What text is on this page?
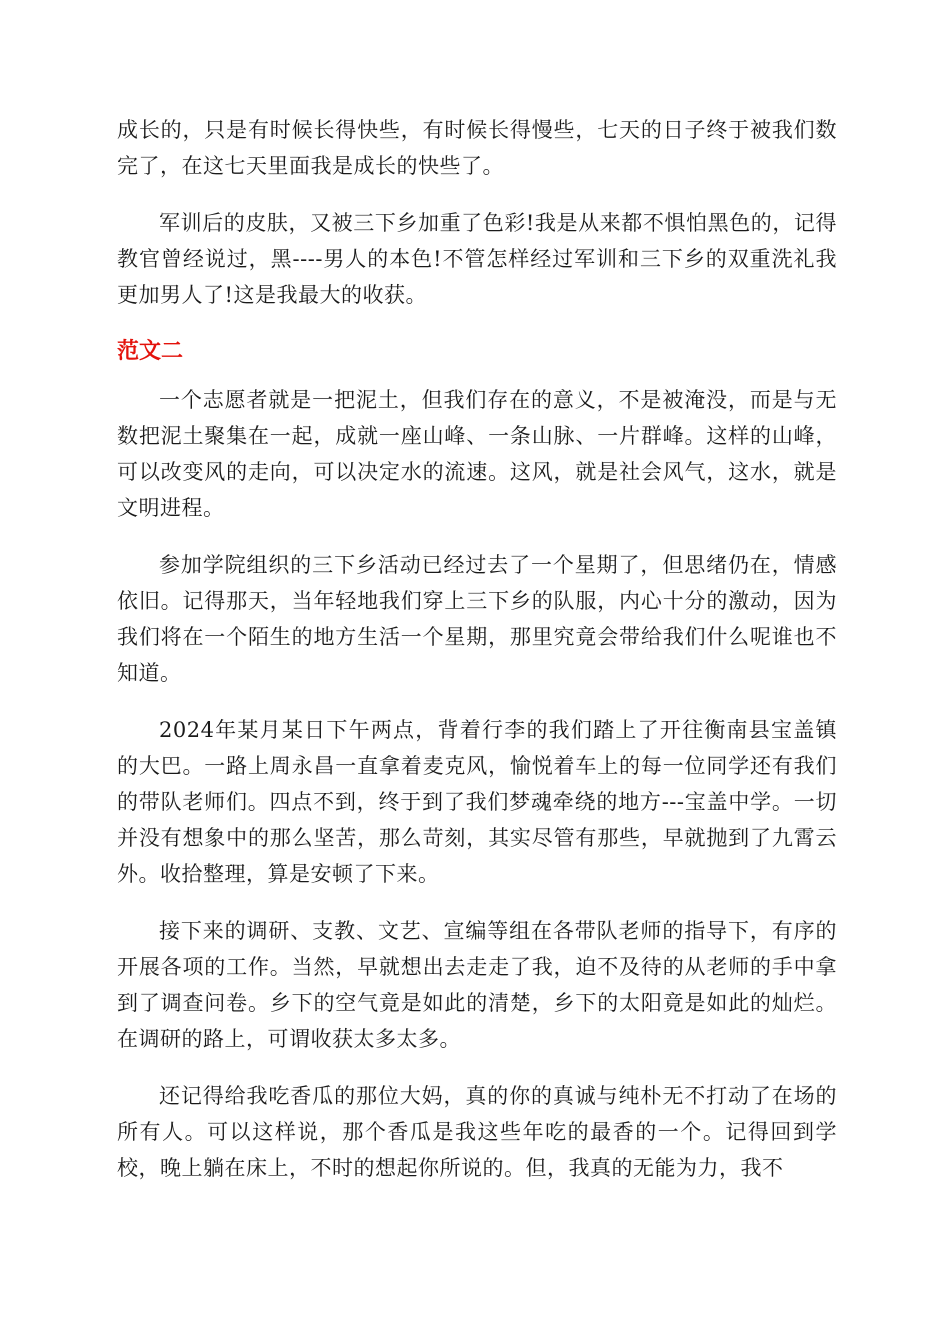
成长的，只是有时候长得快些，有时候长得慢些，七天的日子终于被我们数完了，在这七天里面我是成长的快些了。

军训后的皮肤，又被三下乡加重了色彩!我是从来都不惧怕黑色的，记得教官曾经说过，黑----男人的本色!不管怎样经过军训和三下乡的双重洗礼我更加男人了!这是我最大的收获。

范文二

一个志愿者就是一把泥土，但我们存在的意义，不是被淹没，而是与无数把泥土聚集在一起，成就一座山峰、一条山脉、一片群峰。这样的山峰，可以改变风的走向，可以决定水的流速。这风，就是社会风气，这水，就是文明进程。

参加学院组织的三下乡活动已经过去了一个星期了，但思绪仍在，情感依旧。记得那天，当年轻地我们穿上三下乡的队服，内心十分的激动，因为我们将在一个陌生的地方生活一个星期，那里究竟会带给我们什么呢谁也不知道。

2024年某月某日下午两点，背着行李的我们踏上了开往衡南县宝盖镇的大巴。一路上周永昌一直拿着麦克风，愉悦着车上的每一位同学还有我们的带队老师们。四点不到，终于到了我们梦魂牵绕的地方---宝盖中学。一切并没有想象中的那么坚苦，那么苛刻，其实尽管有那些，早就抛到了九霄云外。收拾整理，算是安顿了下来。

接下来的调研、支教、文艺、宣编等组在各带队老师的指导下，有序的开展各项的工作。当然，早就想出去走走了我，迫不及待的从老师的手中拿到了调查问卷。乡下的空气竟是如此的清楚，乡下的太阳竟是如此的灿烂。在调研的路上，可谓收获太多太多。

还记得给我吃香瓜的那位大妈，真的你的真诚与纯朴无不打动了在场的所有人。可以这样说，那个香瓜是我这些年吃的最香的一个。记得回到学校，晚上躺在床上，不时的想起你所说的。但，我真的无能为力，我不
